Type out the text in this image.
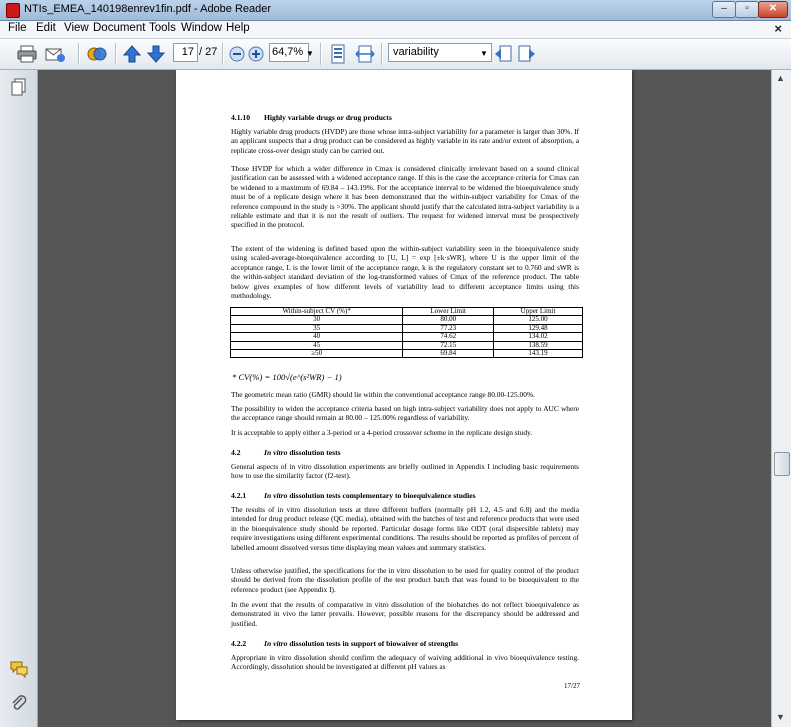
NTIs_EMEA_140198enrev1fin.pdf - Adobe Reader	–	▫	✕
File Edit View Document Tools Window Help	×
17 / 27	64,7% ▼	variability	▼
4.1.10 Highly variable drugs or drug products
Highly variable drug products (HVDP) are those whose intra-subject variability for a parameter is larger than 30%. If an applicant suspects that a drug product can be considered as highly variable in its rate and/or extent of absorption, a replicate cross-over design study can be carried out.
Those HVDP for which a wider difference in Cmax is considered clinically irrelevant based on a sound clinical justification can be assessed with a widened acceptance range. If this is the case the acceptance criteria for Cmax can be widened to a maximum of 69.84 – 143.19%. For the acceptance interval to be widened the bioequivalence study must be of a replicate design where it has been demonstrated that the within-subject variability for Cmax of the reference compound in the study is >30%. The applicant should justify that the calculated intra-subject variability is a reliable estimate and that it is not the result of outliers. The request for widened interval must be prospectively specified in the protocol.
The extent of the widening is defined based upon the within-subject variability seen in the bioequivalence study using scaled-average-bioequivalence according to [U, L] = exp [±k·sWR], where U is the upper limit of the acceptance range, L is the lower limit of the acceptance range, k is the regulatory constant set to 0.760 and sWR is the within-subject standard deviation of the log-transformed values of Cmax of the reference product. The table below gives examples of how different levels of variability lead to different acceptance limits using this methodology.
Within-subject CV (%)*	Lower Limit	Upper Limit
30	80.00	125.00
35	77.23	129.48
40	74.62	134.02
45	72.15	138.59
≥50	69.84	143.19
* CV(%) = 100√(e^(s²WR) − 1)
The geometric mean ratio (GMR) should lie within the conventional acceptance range 80.00-125.00%.
The possibility to widen the acceptance criteria based on high intra-subject variability does not apply to AUC where the acceptance range should remain at 80.00 – 125.00% regardless of variability.
It is acceptable to apply either a 3-period or a 4-period crossover scheme in the replicate design study.
4.2	In vitro dissolution tests
General aspects of in vitro dissolution experiments are briefly outlined in Appendix I including basic requirements how to use the similarity factor (f2-test).
4.2.1 In vitro dissolution tests complementary to bioequivalence studies
The results of in vitro dissolution tests at three different buffers (normally pH 1.2, 4.5 and 6.8) and the media intended for drug product release (QC media), obtained with the batches of test and reference products that were used in the bioequivalence study should be reported. Particular dosage forms like ODT (oral dispersible tablets) may require investigations using different experimental conditions. The results should be reported as profiles of percent of labelled amount dissolved versus time displaying mean values and summary statistics.
Unless otherwise justified, the specifications for the in vitro dissolution to be used for quality control of the product should be derived from the dissolution profile of the test product batch that was found to be bioequivalent to the reference product (see Appendix I).
In the event that the results of comparative in vitro dissolution of the biobatches do not reflect bioequivalence as demonstrated in vivo the latter prevails. However, possible reasons for the discrepancy should be addressed and justified.
4.2.2 In vitro dissolution tests in support of biowaiver of strengths
Appropriate in vitro dissolution should confirm the adequacy of waiving additional in vivo bioequivalence testing. Accordingly, dissolution should be investigated at different pH values as
17/27
▲
▼
